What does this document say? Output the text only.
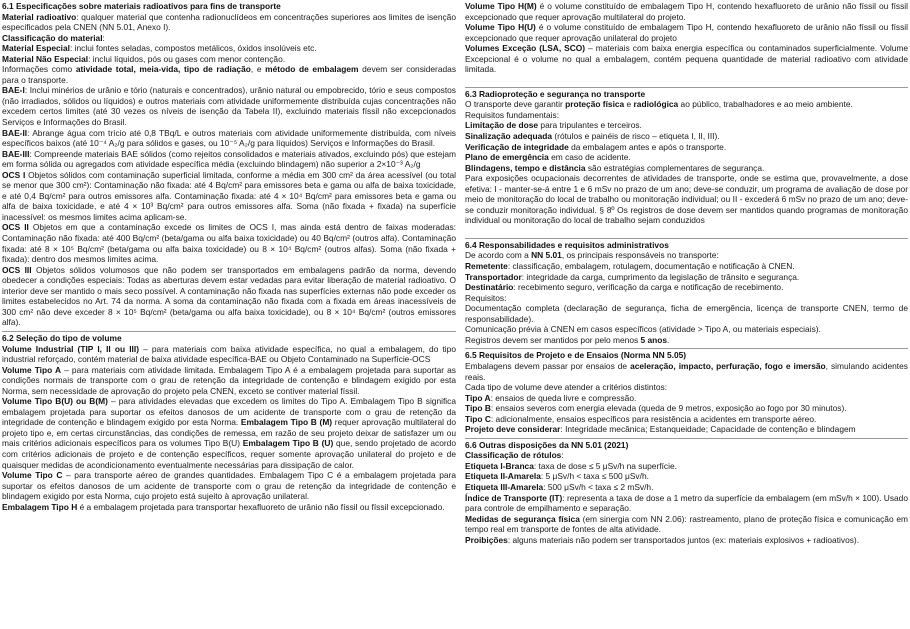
6.1 Especificações sobre materiais radioativos para fins de transporte

Material radioativo: qualquer material que contenha radionuclídeos em concentrações superiores aos limites de isenção especificados pela CNEN (NN 5.01, Anexo I).

Classificação do material:

Material Especial: inclui fontes seladas, compostos metálicos, óxidos insolúveis etc.

Material Não Especial: inclui líquidos, pós ou gases com menor contenção.

Informações como atividade total, meia-vida, tipo de radiação, e método de embalagem devem ser consideradas para o transporte.

BAE-I: Inclui minérios de urânio e tório (naturais e concentrados), urânio natural ou empobrecido, tório e seus compostos (não irradiados, sólidos ou líquidos) e outros materiais com atividade uniformemente distribuída cujas concentrações não excedem certos limites (até 30 vezes os níveis de isenção da Tabela II), excluindo materiais físsil não excepcionados Serviços e Informações do Brasil.

BAE-II: Abrange água com trício até 0,8 TBq/L e outros materiais com atividade uniformemente distribuída, com níveis específicos baixos (até 10⁻⁴ A₂/g para sólidos e gases, ou 10⁻⁵ A₂/g para líquidos) Serviços e Informações do Brasil.

BAE-III: Compreende materiais BAE sólidos (como rejeitos consolidados e materiais ativados, excluindo pós) que estejam em forma sólida ou agregados com atividade específica média (excluindo blindagem) não superior a 2×10⁻³ A₂/g

OCS I Objetos sólidos com contaminação superficial limitada, conforme a média em 300 cm² da área acessível (ou total se menor que 300 cm²): Contaminação não fixada: até 4 Bq/cm² para emissores beta e gama ou alfa de baixa toxicidade, e até 0,4 Bq/cm² para outros emissores alfa. Contaminação fixada: até 4 × 10⁴ Bq/cm² para emissores beta e gama ou alfa de baixa toxicidade, e até 4 × 10³ Bq/cm² para outros emissores alfa. Soma (não fixada + fixada) na superfície inacessível: os mesmos limites acima aplicam-se.

OCS II Objetos em que a contaminação excede os limites de OCS I, mas ainda está dentro de faixas moderadas: Contaminação não fixada: até 400 Bq/cm² (beta/gama ou alfa baixa toxicidade) ou 40 Bq/cm² (outros alfa). Contaminação fixada: até 8 × 10⁵ Bq/cm² (beta/gama ou alfa baixa toxicidade) ou 8 × 10⁴ Bq/cm² (outros alfas). Soma (não fixada + fixada): dentro dos mesmos limites acima.

OCS III Objetos sólidos volumosos que não podem ser transportados em embalagens padrão da norma, devendo obedecer a condições especiais: Todas as aberturas devem estar vedadas para evitar liberação de material radioativo. O interior deve ser mantido o mais seco possível. A contaminação não fixada nas superfícies externas não pode exceder os limites estabelecidos no Art. 74 da norma. A soma da contaminação não fixada com a fixada em áreas inacessíveis de 300 cm² não deve exceder 8 × 10⁵ Bq/cm² (beta/gama ou alfa baixa toxicidade), ou 8 × 10⁴ Bq/cm² (outros emissores alfa).

6.2 Seleção do tipo de volume

Volume Industrial (TIP I, II ou III) – para materiais com baixa atividade específica, no qual a embalagem, do tipo industrial reforçado, contém material de baixa atividade específica-BAE ou Objeto Contaminado na Superfície-OCS

Volume Tipo A – para materiais com atividade limitada. Embalagem Tipo A é a embalagem projetada para suportar as condições normais de transporte com o grau de retenção da integridade de contenção e blindagem exigido por esta Norma, sem necessidade de aprovação do projeto pela CNEN, exceto se contiver material físsil.

Volume Tipo B(U) ou B(M) – para atividades elevadas que excedem os limites do Tipo A. Embalagem Tipo B significa embalagem projetada para suportar os efeitos danosos de um acidente de transporte com o grau de retenção da integridade de contenção e blindagem exigido por esta Norma. Embalagem Tipo B (M) requer aprovação multilateral do projeto tipo e, em certas circunstâncias, das condições de remessa, em razão de seu projeto deixar de satisfazer um ou mais critérios adicionais específicos para os volumes Tipo B(U) Embalagem Tipo B (U) que, sendo projetado de acordo com critérios adicionais de projeto e de contenção específicos, requer somente aprovação unilateral do projeto e de quaisquer medidas de acondicionamento eventualmente necessárias para dissipação de calor.

Volume Tipo C – para transporte aéreo de grandes quantidades. Embalagem Tipo C é a embalagem projetada para suportar os efeitos danosos de um acidente de transporte com o grau de retenção da integridade de contenção e blindagem exigido por esta Norma, cujo projeto está sujeito à aprovação unilateral.

Embalagem Tipo H é a embalagem projetada para transportar hexafluoreto de urânio não físsil ou físsil excepcionado.

Volume Tipo H(M) é o volume constituído de embalagem Tipo H, contendo hexafluoreto de urânio não físsil ou físsil excepcionado que requer aprovação multilateral do projeto.

Volume Tipo H(U) é o volume constituído de embalagem Tipo H, contendo hexafluoreto de urânio não físsil ou físsil excepcionado que requer aprovação unilateral do projeto

Volumes Exceção (LSA, SCO) – materiais com baixa energia específica ou contaminados superficialmente. Volume Excepcional é o volume no qual a embalagem, contém pequena quantidade de material radioativo com atividade limitada.

6.3 Radioproteção e segurança no transporte

O transporte deve garantir proteção física e radiológica ao público, trabalhadores e ao meio ambiente.

Requisitos fundamentais:

Limitação de dose para tripulantes e terceiros.

Sinalização adequada (rótulos e painéis de risco – etiqueta I, II, III).

Verificação de integridade da embalagem antes e após o transporte.

Plano de emergência em caso de acidente.

Blindagens, tempo e distância são estratégias complementares de segurança.

Para exposições ocupacionais decorrentes de atividades de transporte, onde se estima que, provavelmente, a dose efetiva: I - manter-se-á entre 1 e 6 mSv no prazo de um ano; deve-se conduzir, um programa de avaliação de dose por meio de monitoração do local de trabalho ou monitoração individual; ou II - excederá 6 mSv no prazo de um ano; deve-se conduzir monitoração individual. § 8º Os registros de dose devem ser mantidos quando programas de monitoração individual ou monitoração do local de trabalho sejam conduzidos

6.4 Responsabilidades e requisitos administrativos

De acordo com a NN 5.01, os principais responsáveis no transporte:

Remetente: classificação, embalagem, rotulagem, documentação e notificação à CNEN.

Transportador: integridade da carga, cumprimento da legislação de trânsito e segurança.

Destinatário: recebimento seguro, verificação da carga e notificação de recebimento.

Requisitos:

Documentação completa (declaração de segurança, ficha de emergência, licença de transporte CNEN, termo de responsabilidade).

Comunicação prévia à CNEN em casos específicos (atividade > Tipo A, ou materiais especiais).

Registros devem ser mantidos por pelo menos 5 anos.

6.5 Requisitos de Projeto e de Ensaios (Norma NN 5.05)

Embalagens devem passar por ensaios de aceleração, impacto, perfuração, fogo e imersão, simulando acidentes reais.

Cada tipo de volume deve atender a critérios distintos:

Tipo A: ensaios de queda livre e compressão.

Tipo B: ensaios severos com energia elevada (queda de 9 metros, exposição ao fogo por 30 minutos).

Tipo C: adicionalmente, ensaios específicos para resistência a acidentes em transporte aéreo.

Projeto deve considerar: Integridade mecânica; Estanqueidade; Capacidade de contenção e blindagem

6.6 Outras disposições da NN 5.01 (2021)

Classificação de rótulos:

Etiqueta I-Branca: taxa de dose ≤ 5 μSv/h na superfície.

Etiqueta II-Amarela: 5 μSv/h < taxa ≤ 500 μSv/h.

Etiqueta III-Amarela: 500 μSv/h < taxa ≤ 2 mSv/h.

Índice de Transporte (IT): representa a taxa de dose a 1 metro da superfície da embalagem (em mSv/h × 100). Usado para controle de empilhamento e separação.

Medidas de segurança física (em sinergia com NN 2.06): rastreamento, plano de proteção física e comunicação em tempo real em transporte de fontes de alta atividade.

Proibições: alguns materiais não podem ser transportados juntos (ex: materiais explosivos + radioativos).
